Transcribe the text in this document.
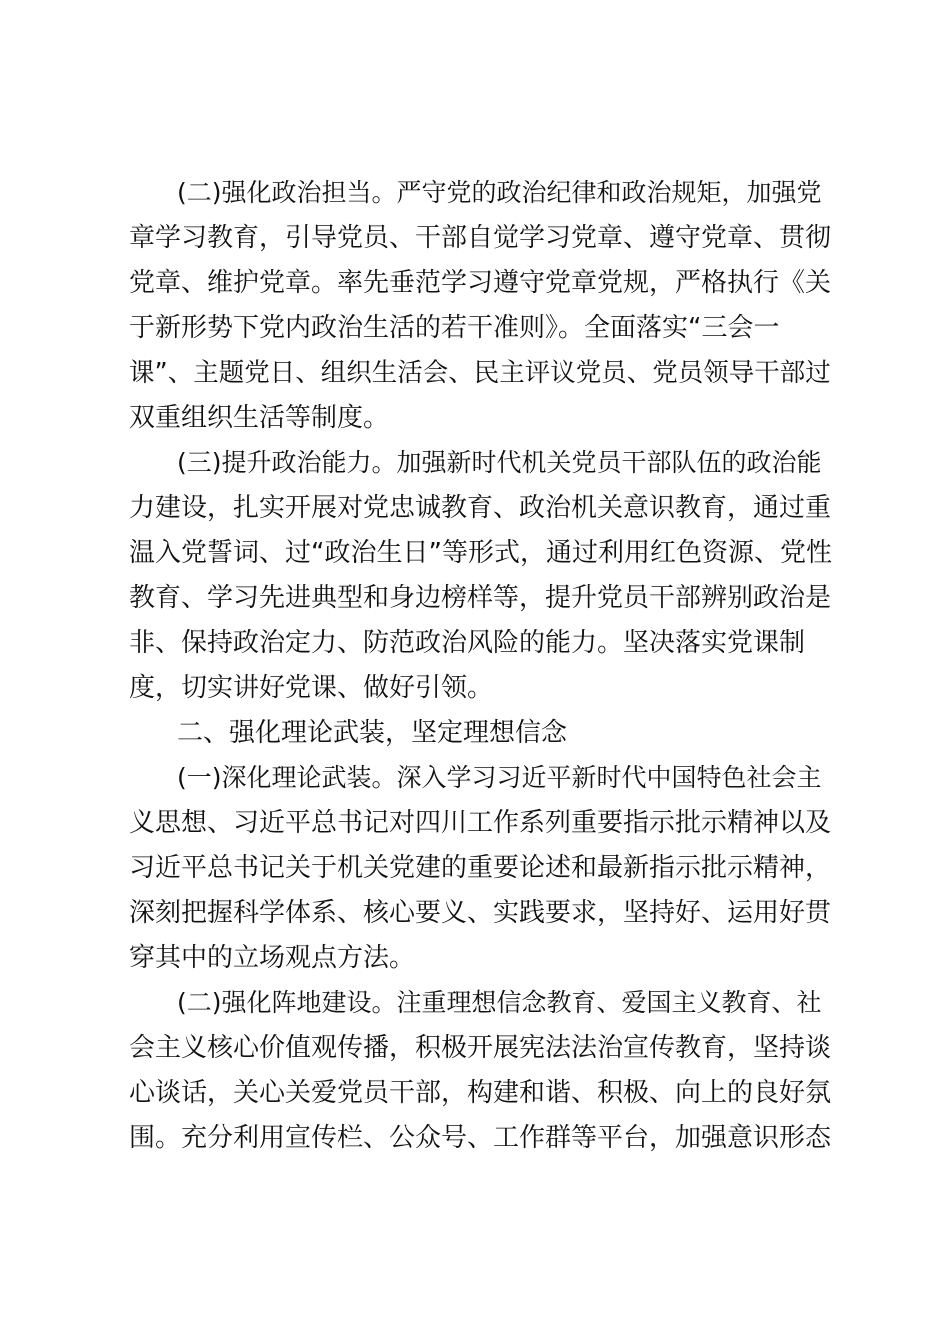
(二)强化政治担当。严守党的政治纪律和政治规矩，加强党
章学习教育，引导党员、干部自觉学习党章、遵守党章、贯彻
党章、维护党章。率先垂范学习遵守党章党规，严格执行《关
于新形势下党内政治生活的若干准则》。全面落实“三会一
课”、主题党日、组织生活会、民主评议党员、党员领导干部过
双重组织生活等制度。
(三)提升政治能力。加强新时代机关党员干部队伍的政治能
力建设，扎实开展对党忠诚教育、政治机关意识教育，通过重
温入党誓词、过“政治生日”等形式，通过利用红色资源、党性
教育、学习先进典型和身边榜样等，提升党员干部辨别政治是
非、保持政治定力、防范政治风险的能力。坚决落实党课制
度，切实讲好党课、做好引领。
二、强化理论武装，坚定理想信念
(一)深化理论武装。深入学习习近平新时代中国特色社会主
义思想、习近平总书记对四川工作系列重要指示批示精神以及
习近平总书记关于机关党建的重要论述和最新指示批示精神，
深刻把握科学体系、核心要义、实践要求，坚持好、运用好贯
穿其中的立场观点方法。
(二)强化阵地建设。注重理想信念教育、爱国主义教育、社
会主义核心价值观传播，积极开展宪法法治宣传教育，坚持谈
心谈话，关心关爱党员干部，构建和谐、积极、向上的良好氛
围。充分利用宣传栏、公众号、工作群等平台，加强意识形态
